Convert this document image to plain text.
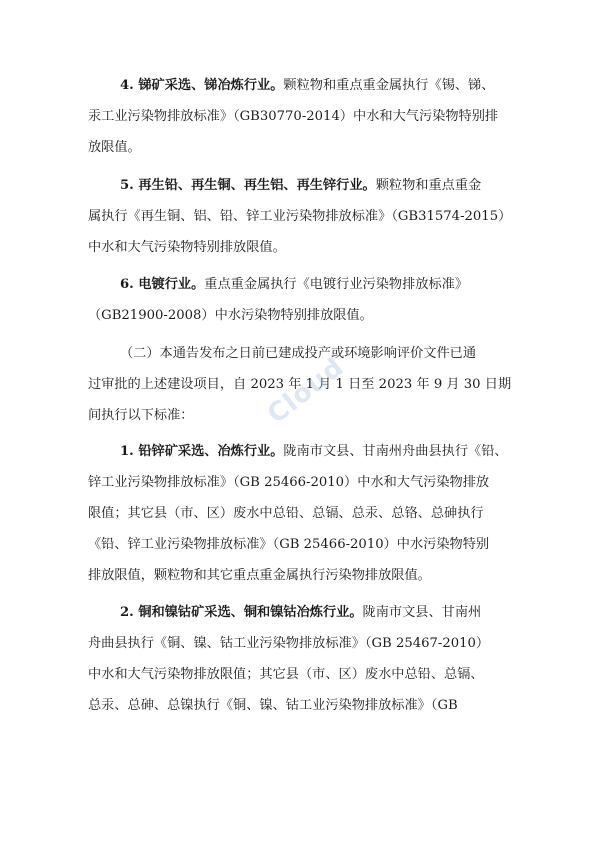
4. 锑矿采选、锑冶炼行业。颗粒物和重点重金属执行《锡、锑、
汞工业污染物排放标准》（GB30770-2014）中水和大气污染物特别排
放限值。
5. 再生铅、再生铜、再生铝、再生锌行业。颗粒物和重点重金
属执行《再生铜、铝、铅、锌工业污染物排放标准》（GB31574-2015）
中水和大气污染物特别排放限值。
6. 电镀行业。重点重金属执行《电镀行业污染物排放标准》
（GB21900-2008）中水污染物特别排放限值。
（二）本通告发布之日前已建成投产或环境影响评价文件已通
过审批的上述建设项目，自 2023 年 1 月 1 日至 2023 年 9 月 30 日期
间执行以下标准：
1. 铅锌矿采选、冶炼行业。陇南市文县、甘南州舟曲县执行《铅、
锌工业污染物排放标准》（GB 25466-2010）中水和大气污染物排放
限值；其它县（市、区）废水中总铅、总镉、总汞、总铬、总砷执行
《铅、锌工业污染物排放标准》（GB 25466-2010）中水污染物特别
排放限值，颗粒物和其它重点重金属执行污染物排放限值。
2. 铜和镍钴矿采选、铜和镍钴冶炼行业。陇南市文县、甘南州
舟曲县执行《铜、镍、钴工业污染物排放标准》（GB 25467-2010）
中水和大气污染物排放限值；其它县（市、区）废水中总铅、总镉、
总汞、总砷、总镍执行《铜、镍、钴工业污染物排放标准》（GB
Cloud
